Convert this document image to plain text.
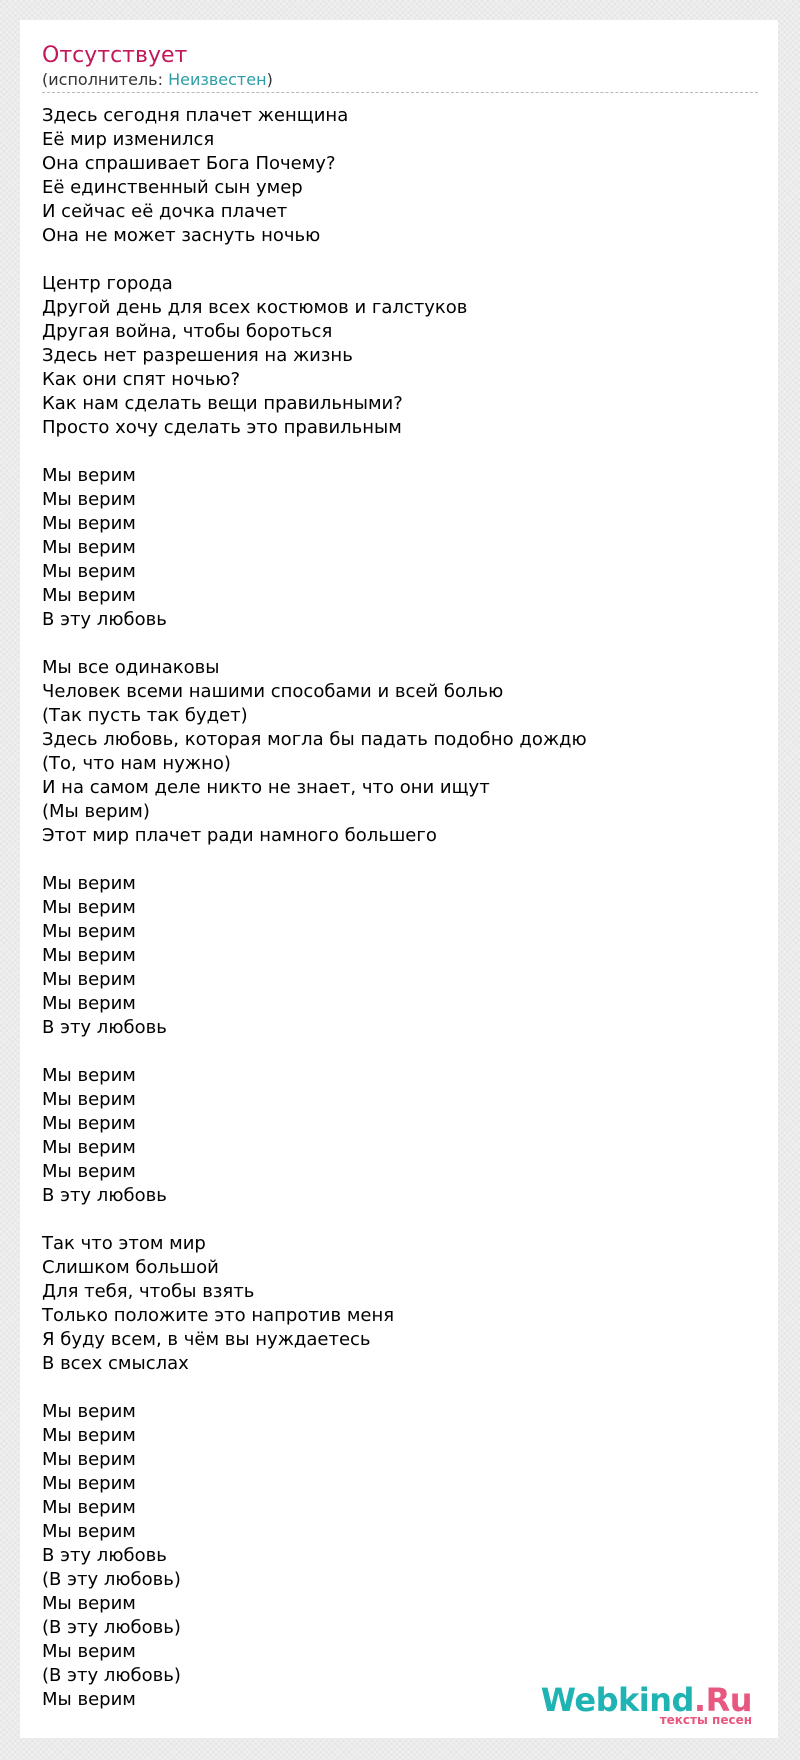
Отсутствует
(исполнитель: Неизвестен)
Здесь сегодня плачет женщина
Её мир изменился
Она спрашивает Бога Почему?
Её единственный сын умер
И сейчас её дочка плачет
Она не может заснуть ночью
Центр города
Другой день для всех костюмов и галстуков
Другая война, чтобы бороться
Здесь нет разрешения на жизнь
Как они спят ночью?
Как нам сделать вещи правильными?
Просто хочу сделать это правильным
Мы верим
Мы верим
Мы верим
Мы верим
Мы верим
Мы верим
В эту любовь
Мы все одинаковы
Человек всеми нашими способами и всей болью
(Так пусть так будет)
Здесь любовь, которая могла бы падать подобно дождю
(То, что нам нужно)
И на самом деле никто не знает, что они ищут
(Мы верим)
Этот мир плачет ради намного большего
Мы верим
Мы верим
Мы верим
Мы верим
Мы верим
Мы верим
В эту любовь
Мы верим
Мы верим
Мы верим
Мы верим
Мы верим
В эту любовь
Так что этом мир
Слишком большой
Для тебя, чтобы взять
Только положите это напротив меня
Я буду всем, в чём вы нуждаетесь
В всех смыслах
Мы верим
Мы верим
Мы верим
Мы верим
Мы верим
Мы верим
В эту любовь
(В эту любовь)
Мы верим
(В эту любовь)
Мы верим
(В эту любовь)
Мы верим	Webkind.Ru
тексты песен
